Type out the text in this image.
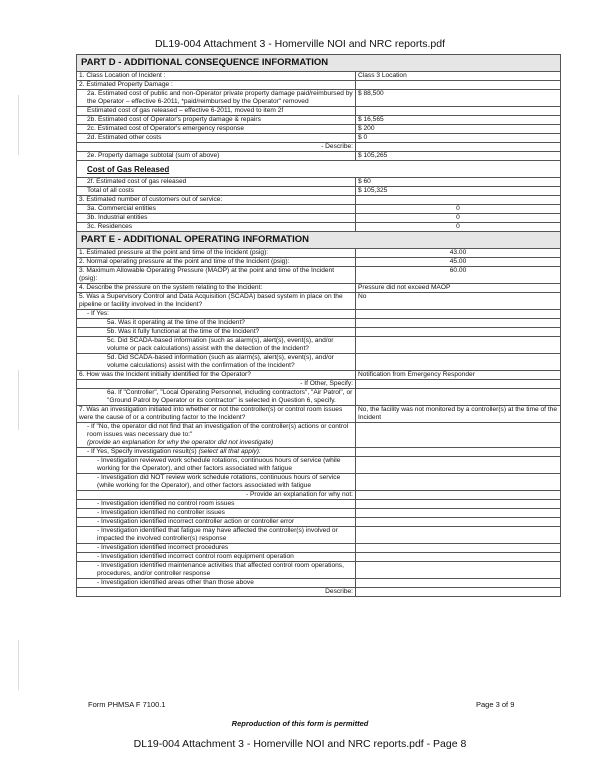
DL19-004 Attachment 3 - Homerville NOI and NRC reports.pdf
PART D - ADDITIONAL CONSEQUENCE INFORMATION	
1. Class Location of Incident :	Class 3 Location
2. Estimated Property Damage :	
2a. Estimated cost of public and non-Operator private property damage paid/reimbursed by the Operator – effective 6-2011, *paid/reimbursed by the Operator" removed	$ 88,500
Estimated cost of gas released – effective 6-2011, moved to item 2f	
2b. Estimated cost of Operator's property damage & repairs	$ 16,565
2c. Estimated cost of Operator's emergency response	$ 200
2d. Estimated other costs	$ 0
- Describe:	
2e. Property damage subtotal (sum of above)	$ 105,265
Cost of Gas Released	
2f. Estimated cost of gas released	$ 60
Total of all costs	$ 105,325
3. Estimated number of customers out of service:	
3a. Commercial entities	0
3b. Industrial entities	0
3c. Residences	0
PART E - ADDITIONAL OPERATING INFORMATION	
1. Estimated pressure at the point and time of the Incident (psig):	43.00
2. Normal operating pressure at the point and time of the Incident (psig):	45.00
3. Maximum Allowable Operating Pressure (MAOP) at the point and time of the Incident (psig):	60.00
4. Describe the pressure on the system relating to the Incident:	Pressure did not exceed MAOP
5. Was a Supervisory Control and Data Acquisition (SCADA) based system in place on the pipeline or facility involved in the Incident?	No
- If Yes:	
5a. Was it operating at the time of the Incident?	
5b. Was it fully functional at the time of the Incident?	
5c. Did SCADA-based information (such as alarm(s), alert(s), event(s), and/or volume or pack calculations) assist with the detection of the Incident?	
5d. Did SCADA-based information (such as alarm(s), alert(s), event(s), and/or volume calculations) assist with the confirmation of the Incident?	
6. How was the Incident initially identified for the Operator?	Notification from Emergency Responder
- If Other, Specify:	
6a. If "Controller", "Local Operating Personnel, including contractors", "Air Patrol", or "Ground Patrol by Operator or its contractor" is selected in Question 6, specify.	
7. Was an investigation initiated into whether or not the controller(s) or control room issues were the cause of or a contributing factor to the Incident?	No, the facility was not monitored by a controller(s) at the time of the Incident
- If "No, the operator did not find that an investigation of the controller(s) actions or control room issues was necessary due to:"
(provide an explanation for why the operator did not investigate)	
- If Yes, Specify investigation result(s) (select all that apply):	
- Investigation reviewed work schedule rotations, continuous hours of service (while working for the Operator), and other factors associated with fatigue	
- Investigation did NOT review work schedule rotations, continuous hours of service (while working for the Operator), and other factors associated with fatigue	
- Provide an explanation for why not:	
- Investigation identified no control room issues	
- Investigation identified no controller issues	
- Investigation identified incorrect controller action or controller error	
- Investigation identified that fatigue may have affected the controller(s) involved or impacted the involved controller(s) response	
- Investigation identified incorrect procedures	
- Investigation identified incorrect control room equipment operation	
- Investigation identified maintenance activities that affected control room operations, procedures, and/or controller response	
- Investigation identified areas other than those above	
Describe:	
Form PHMSA F 7100.1	Page 3 of 9
Reproduction of this form is permitted
DL19-004 Attachment 3 - Homerville NOI and NRC reports.pdf - Page 8
